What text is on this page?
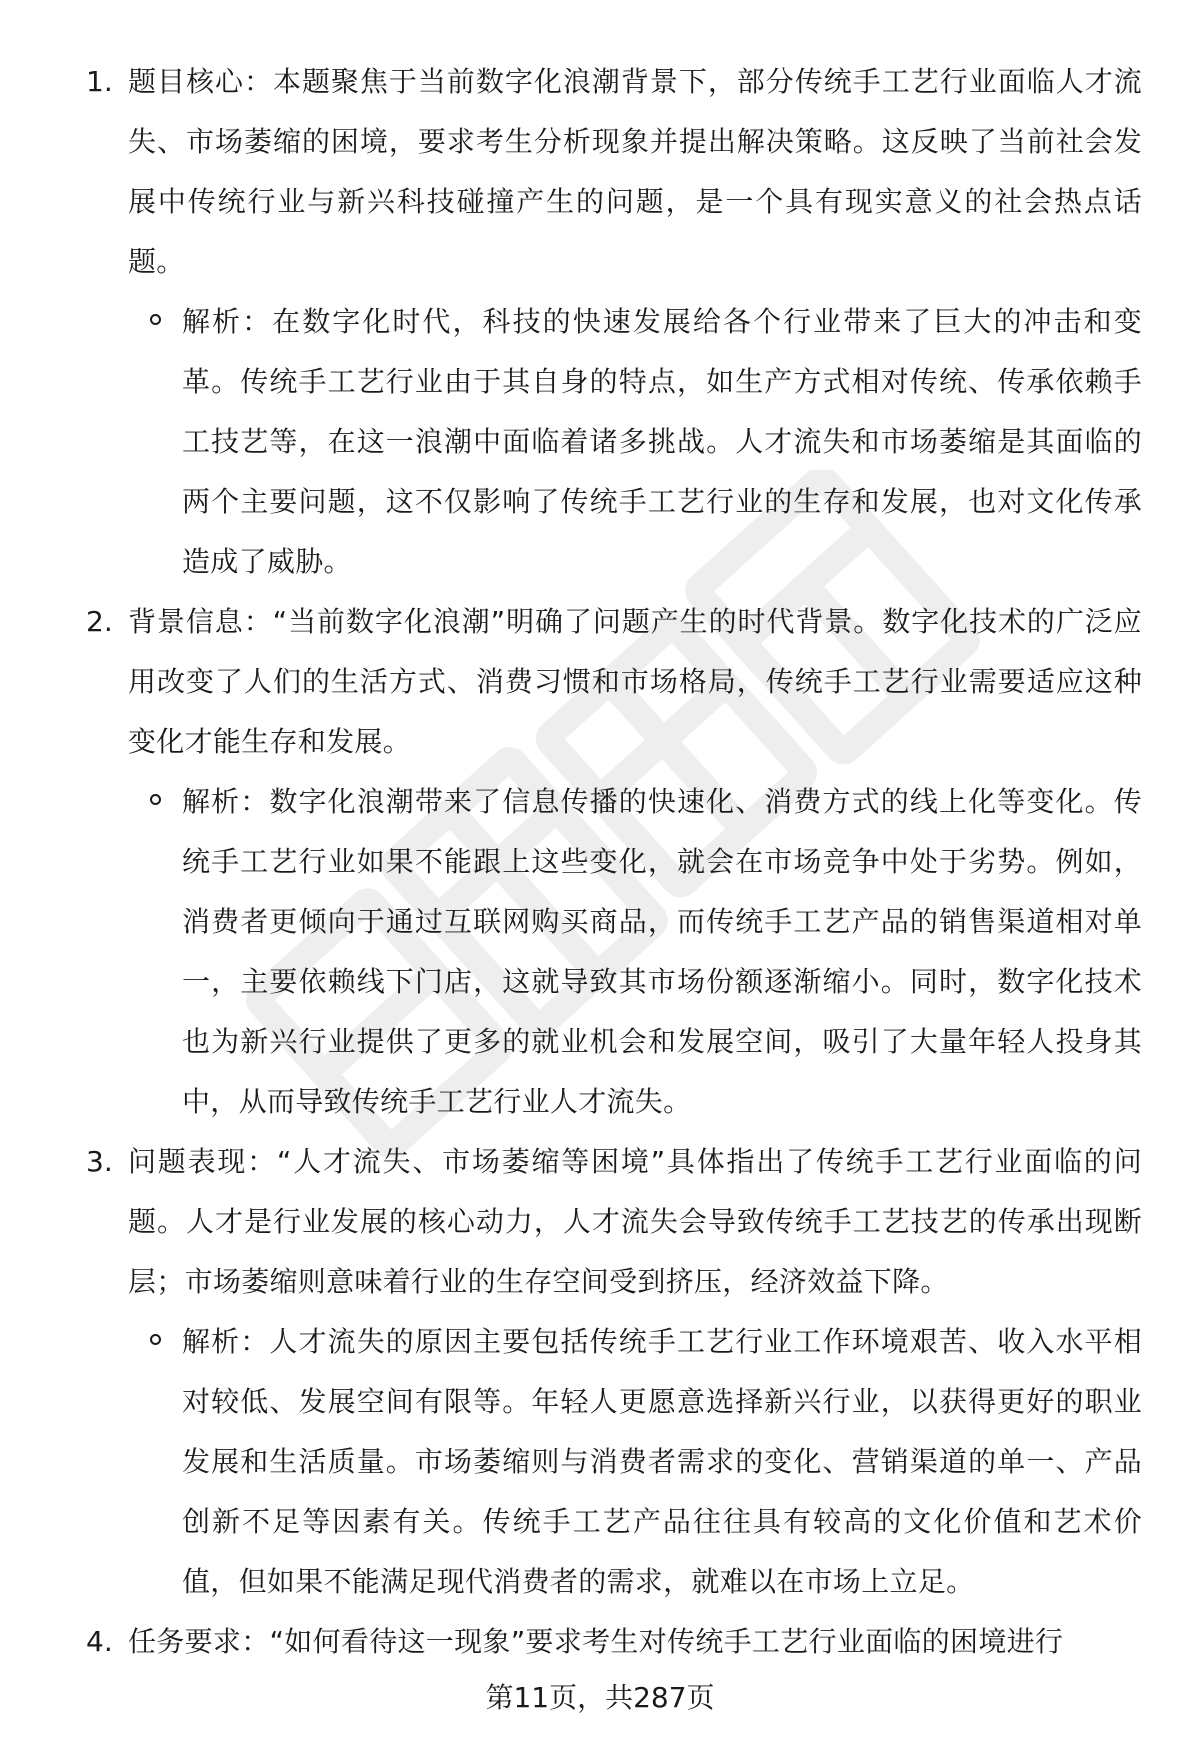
1. 题目核心：本题聚焦于当前数字化浪潮背景下，部分传统手工艺行业面临人才流失、市场萎缩的困境，要求考生分析现象并提出解决策略。这反映了当前社会发展中传统行业与新兴科技碰撞产生的问题，是一个具有现实意义的社会热点话题。

解析：在数字化时代，科技的快速发展给各个行业带来了巨大的冲击和变革。传统手工艺行业由于其自身的特点，如生产方式相对传统、传承依赖手工技艺等，在这一浪潮中面临着诸多挑战。人才流失和市场萎缩是其面临的两个主要问题，这不仅影响了传统手工艺行业的生存和发展，也对文化传承造成了威胁。

2. 背景信息：“当前数字化浪潮”明确了问题产生的时代背景。数字化技术的广泛应用改变了人们的生活方式、消费习惯和市场格局，传统手工艺行业需要适应这种变化才能生存和发展。

解析：数字化浪潮带来了信息传播的快速化、消费方式的线上化等变化。传统手工艺行业如果不能跟上这些变化，就会在市场竞争中处于劣势。例如，消费者更倾向于通过互联网购买商品，而传统手工艺产品的销售渠道相对单一，主要依赖线下门店，这就导致其市场份额逐渐缩小。同时，数字化技术也为新兴行业提供了更多的就业机会和发展空间，吸引了大量年轻人投身其中，从而导致传统手工艺行业人才流失。

3. 问题表现：“人才流失、市场萎缩等困境”具体指出了传统手工艺行业面临的问题。人才是行业发展的核心动力，人才流失会导致传统手工艺技艺的传承出现断层；市场萎缩则意味着行业的生存空间受到挤压，经济效益下降。

解析：人才流失的原因主要包括传统手工艺行业工作环境艰苦、收入水平相对较低、发展空间有限等。年轻人更愿意选择新兴行业，以获得更好的职业发展和生活质量。市场萎缩则与消费者需求的变化、营销渠道的单一、产品创新不足等因素有关。传统手工艺产品往往具有较高的文化价值和艺术价值，但如果不能满足现代消费者的需求，就难以在市场上立足。

4. 任务要求：“如何看待这一现象”要求考生对传统手工艺行业面临的困境进行

第11页，共287页
